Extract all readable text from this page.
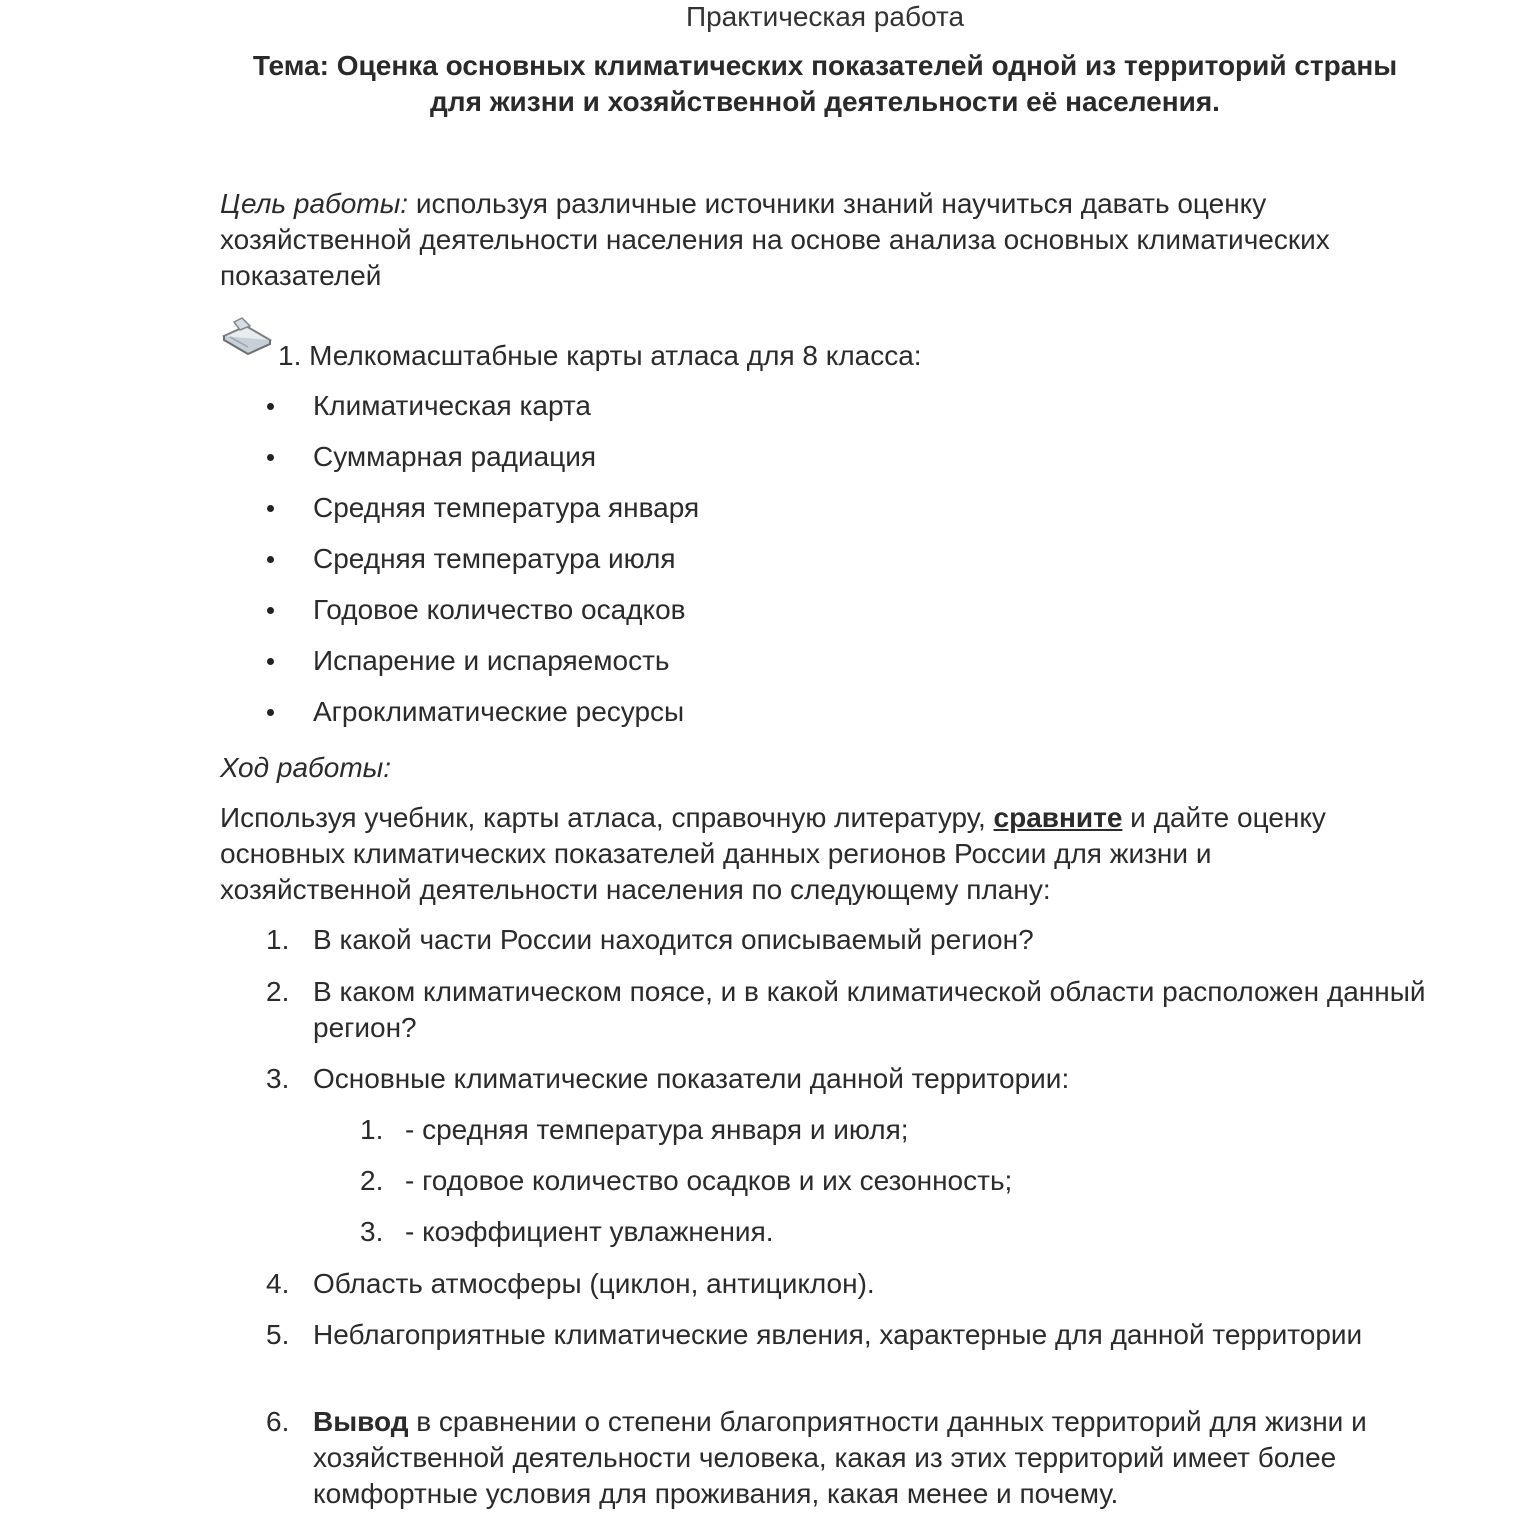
Практическая работа
Тема: Оценка основных климатических показателей одной из территорий страны для жизни и хозяйственной деятельности её населения.
Цель работы: используя различные источники знаний научиться давать оценку хозяйственной деятельности населения на основе анализа основных климатических показателей
1. Мелкомасштабные карты атласа для 8 класса:
Климатическая карта
Суммарная радиация
Средняя температура января
Средняя температура июля
Годовое количество осадков
Испарение и испаряемость
Агроклиматические ресурсы
Ход работы:
Используя учебник, карты атласа, справочную литературу, сравните и дайте оценку основных климатических показателей данных регионов России для жизни и хозяйственной деятельности населения по следующему плану:
1. В какой части России находится описываемый регион?
2. В каком климатическом поясе, и в какой климатической области расположен данный регион?
3. Основные климатические показатели данной территории:
1. - средняя температура января и июля;
2. - годовое количество осадков и их сезонность;
3. - коэффициент увлажнения.
4. Область атмосферы (циклон, антициклон).
5. Неблагоприятные климатические явления, характерные для данной территории
6. Вывод в сравнении о степени благоприятности данных территорий для жизни и хозяйственной деятельности человека, какая из этих территорий имеет более комфортные условия для проживания, какая менее и почему.
